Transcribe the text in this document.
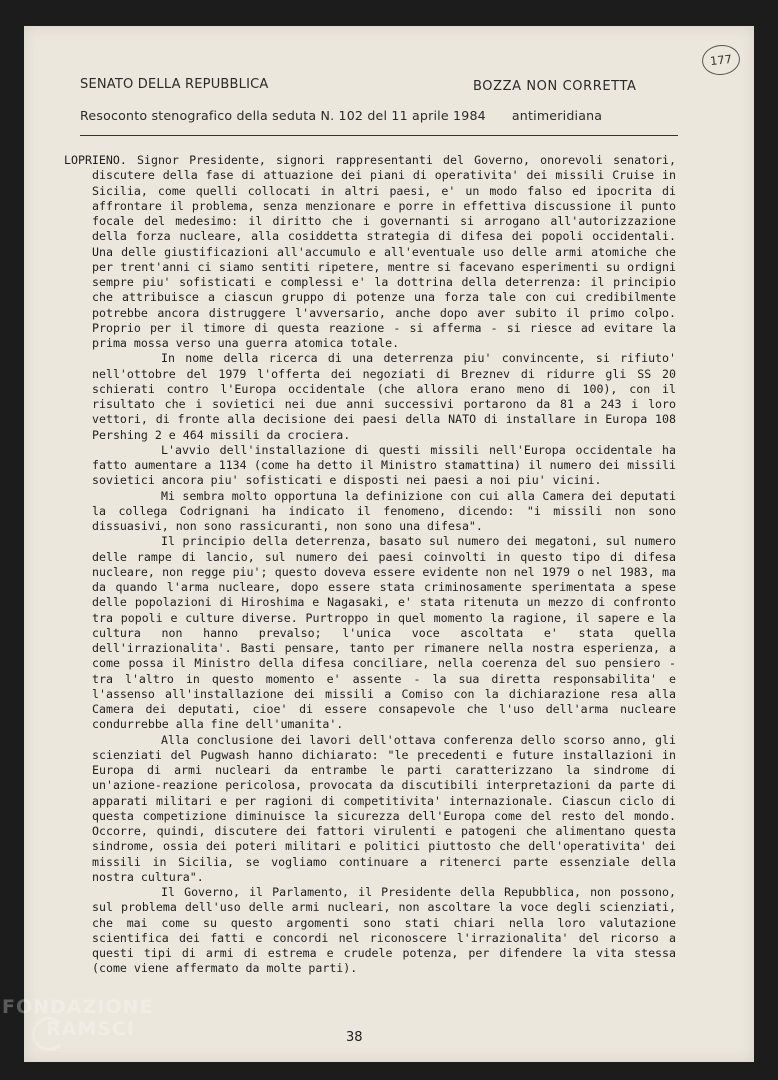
177
SENATO DELLA REPUBBLICA	BOZZA NON CORRETTA
Resoconto stenografico della seduta N. 102 del 11 aprile 1984 antimeridiana

LOPRIENO. Signor Presidente, signori rappresentanti del Governo, onorevoli senatori, discutere della fase di attuazione dei piani di operativita' dei missili Cruise in Sicilia, come quelli collocati in altri paesi, e' un modo falso ed ipocrita di affrontare il problema, senza menzionare e porre in effettiva discussione il punto focale del medesimo: il diritto che i governanti si arrogano all'autorizzazione della forza nucleare, alla cosiddetta strategia di difesa dei popoli occidentali. Una delle giustificazioni all'accumulo e all'eventuale uso delle armi atomiche che per trent'anni ci siamo sentiti ripetere, mentre si facevano esperimenti su ordigni sempre piu' sofisticati e complessi e' la dottrina della deterrenza: il principio che attribuisce a ciascun gruppo di potenze una forza tale con cui credibilmente potrebbe ancora distruggere l'avversario, anche dopo aver subito il primo colpo. Proprio per il timore di questa reazione - si afferma - si riesce ad evitare la prima mossa verso una guerra atomica totale.

In nome della ricerca di una deterrenza piu' convincente, si rifiuto' nell'ottobre del 1979 l'offerta dei negoziati di Breznev di ridurre gli SS 20 schierati contro l'Europa occidentale (che allora erano meno di 100), con il risultato che i sovietici nei due anni successivi portarono da 81 a 243 i loro vettori, di fronte alla decisione dei paesi della NATO di installare in Europa 108 Pershing 2 e 464 missili da crociera.

L'avvio dell'installazione di questi missili nell'Europa occidentale ha fatto aumentare a 1134 (come ha detto il Ministro stamattina) il numero dei missili sovietici ancora piu' sofisticati e disposti nei paesi a noi piu' vicini.

Mi sembra molto opportuna la definizione con cui alla Camera dei deputati la collega Codrignani ha indicato il fenomeno, dicendo: "i missili non sono dissuasivi, non sono rassicuranti, non sono una difesa".

Il principio della deterrenza, basato sul numero dei megatoni, sul numero delle rampe di lancio, sul numero dei paesi coinvolti in questo tipo di difesa nucleare, non regge piu'; questo doveva essere evidente non nel 1979 o nel 1983, ma da quando l'arma nucleare, dopo essere stata criminosamente sperimentata a spese delle popolazioni di Hiroshima e Nagasaki, e' stata ritenuta un mezzo di confronto tra popoli e culture diverse. Purtroppo in quel momento la ragione, il sapere e la cultura non hanno prevalso; l'unica voce ascoltata e' stata quella dell'irrazionalita'. Basti pensare, tanto per rimanere nella nostra esperienza, a come possa il Ministro della difesa conciliare, nella coerenza del suo pensiero - tra l'altro in questo momento e' assente - la sua diretta responsabilita' e l'assenso all'installazione dei missili a Comiso con la dichiarazione resa alla Camera dei deputati, cioe' di essere consapevole che l'uso dell'arma nucleare condurrebbe alla fine dell'umanita'.

Alla conclusione dei lavori dell'ottava conferenza dello scorso anno, gli scienziati del Pugwash hanno dichiarato: "le precedenti e future installazioni in Europa di armi nucleari da entrambe le parti caratterizzano la sindrome di un'azione-reazione pericolosa, provocata da discutibili interpretazioni da parte di apparati militari e per ragioni di competitivita' internazionale. Ciascun ciclo di questa competizione diminuisce la sicurezza dell'Europa come del resto del mondo. Occorre, quindi, discutere dei fattori virulenti e patogeni che alimentano questa sindrome, ossia dei poteri militari e politici piuttosto che dell'operativita' dei missili in Sicilia, se vogliamo continuare a ritenerci parte essenziale della nostra cultura".

Il Governo, il Parlamento, il Presidente della Repubblica, non possono, sul problema dell'uso delle armi nucleari, non ascoltare la voce degli scienziati, che mai come su questo argomenti sono stati chiari nella loro valutazione scientifica dei fatti e concordi nel riconoscere l'irrazionalita' del ricorso a questi tipi di armi di estrema e crudele potenza, per difendere la vita stessa (come viene affermato da molte parti).

38
FONDAZIONE
RAMSCI
